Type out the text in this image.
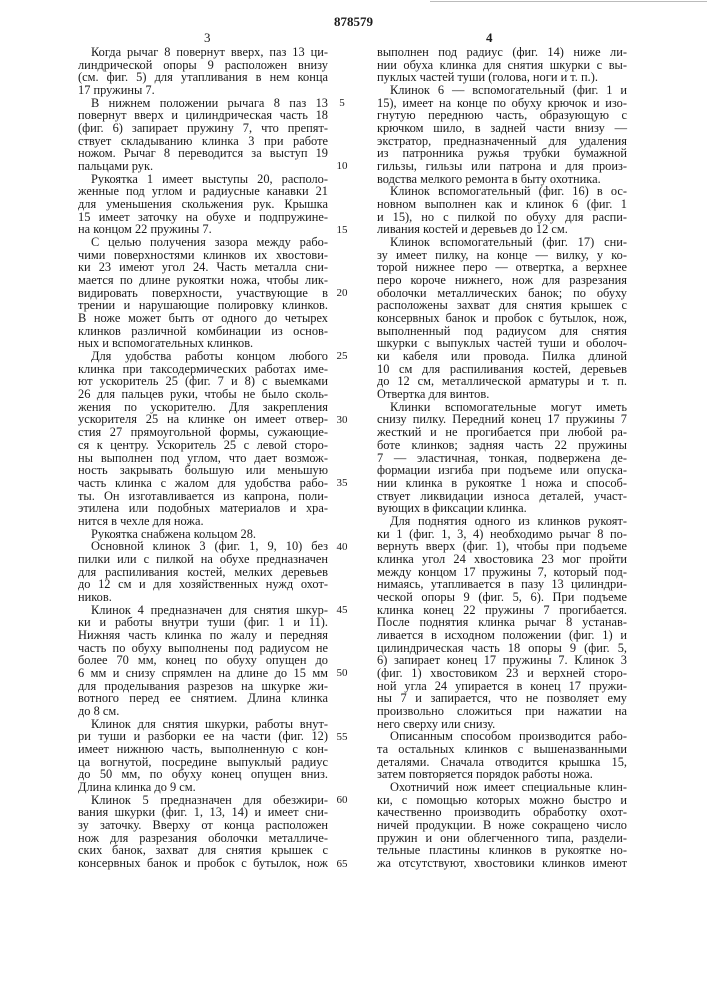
878579
3	4
Когда рычаг 8 повернут вверх, паз 13 ци-
линдрической опоры 9 расположен внизу
(см. фиг. 5) для утапливания в нем конца
17 пружины 7.
В нижнем положении рычага 8 паз 13
повернут вверх и цилиндрическая часть 18
(фиг. 6) запирает пружину 7, что препят-
ствует складыванию клинка 3 при работе
ножом. Рычаг 8 переводится за выступ 19
пальцами рук.
Рукоятка 1 имеет выступы 20, располо-
женные под углом и радиусные канавки 21
для уменьшения скольжения рук. Крышка
15 имеет заточку на обухе и подпружине-
на концом 22 пружины 7.
С целью получения зазора между рабо-
чими поверхностями клинков их хвостови-
ки 23 имеют угол 24. Часть металла сни-
мается по длине рукоятки ножа, чтобы лик-
видировать поверхности, участвующие в
трении и нарушающие полировку клинков.
В ноже может быть от одного до четырех
клинков различной комбинации из основ-
ных и вспомогательных клинков.
Для удобства работы концом любого
клинка при таксодермических работах име-
ют ускоритель 25 (фиг. 7 и 8) с выемками
26 для пальцев руки, чтобы не было сколь-
жения по ускорителю. Для закрепления
ускорителя 25 на клинке он имеет отвер-
стия 27 прямоугольной формы, сужающие-
ся к центру. Ускоритель 25 с левой сторо-
ны выполнен под углом, что дает возмож-
ность закрывать большую или меньшую
часть клинка с жалом для удобства рабо-
ты. Он изготавливается из капрона, поли-
этилена или подобных материалов и хра-
нится в чехле для ножа.
Рукоятка снабжена кольцом 28.
Основной клинок 3 (фиг. 1, 9, 10) без
пилки или с пилкой на обухе предназначен
для распиливания костей, мелких деревьев
до 12 см и для хозяйственных нужд охот-
ников.
Клинок 4 предназначен для снятия шкур-
ки и работы внутри туши (фиг. 1 и 11).
Нижняя часть клинка по жалу и передняя
часть по обуху выполнены под радиусом не
более 70 мм, конец по обуху опущен до
6 мм и снизу спрямлен на длине до 15 мм
для проделывания разрезов на шкурке жи-
вотного перед ее снятием. Длина клинка
до 8 см.
Клинок для снятия шкурки, работы внут-
ри туши и разборки ее на части (фиг. 12)
имеет нижнюю часть, выполненную с кон-
ца вогнутой, посредине выпуклый радиус
до 50 мм, по обуху конец опущен вниз.
Длина клинка до 9 см.
Клинок 5 предназначен для обезжири-
вания шкурки (фиг. 1, 13, 14) и имеет сни-
зу заточку. Вверху от конца расположен
нож для разрезания оболочки металличе-
ских банок, захват для снятия крышек с
консервных банок и пробок с бутылок, нож
5
10
15
20
25
30
35
40
45
50
55
60
65
выполнен под радиус (фиг. 14) ниже ли-
нии обуха клинка для снятия шкурки с вы-
пуклых частей туши (голова, ноги и т. п.).
Клинок 6 — вспомогательный (фиг. 1 и
15), имеет на конце по обуху крючок и изо-
гнутую переднюю часть, образующую с
крючком шило, в задней части внизу —
экстратор, предназначенный для удаления
из патронника ружья трубки бумажной
гильзы, гильзы или патрона и для произ-
водства мелкого ремонта в быту охотника.
Клинок вспомогательный (фиг. 16) в ос-
новном выполнен как и клинок 6 (фиг. 1
и 15), но с пилкой по обуху для распи-
ливания костей и деревьев до 12 см.
Клинок вспомогательный (фиг. 17) сни-
зу имеет пилку, на конце — вилку, у ко-
торой нижнее перо — отвертка, а верхнее
перо короче нижнего, нож для разрезания
оболочки металлических банок; по обуху
расположены захват для снятия крышек с
консервных банок и пробок с бутылок, нож,
выполненный под радиусом для снятия
шкурки с выпуклых частей туши и оболоч-
ки кабеля или провода. Пилка длиной
10 см для распиливания костей, деревьев
до 12 см, металлической арматуры и т. п.
Отвертка для винтов.
Клинки вспомогательные могут иметь
снизу пилку. Передний конец 17 пружины 7
жесткий и не прогибается при любой ра-
боте клинков; задняя часть 22 пружины
7 — эластичная, тонкая, подвержена де-
формации изгиба при подъеме или опуска-
нии клинка в рукоятке 1 ножа и способ-
ствует ликвидации износа деталей, участ-
вующих в фиксации клинка.
Для поднятия одного из клинков рукоят-
ки 1 (фиг. 1, 3, 4) необходимо рычаг 8 по-
вернуть вверх (фиг. 1), чтобы при подъеме
клинка угол 24 хвостовика 23 мог пройти
между концом 17 пружины 7, который под-
нимаясь, утапливается в пазу 13 цилиндри-
ческой опоры 9 (фиг. 5, 6). При подъеме
клинка конец 22 пружины 7 прогибается.
После поднятия клинка рычаг 8 устанав-
ливается в исходном положении (фиг. 1) и
цилиндрическая часть 18 опоры 9 (фиг. 5,
6) запирает конец 17 пружины 7. Клинок 3
(фиг. 1) хвостовиком 23 и верхней сторо-
ной угла 24 упирается в конец 17 пружи-
ны 7 и запирается, что не позволяет ему
произвольно сложиться при нажатии на
него сверху или снизу.
Описанным способом производится рабо-
та остальных клинков с вышеназванными
деталями. Сначала отводится крышка 15,
затем повторяется порядок работы ножа.
Охотничий нож имеет специальные клин-
ки, с помощью которых можно быстро и
качественно производить обработку охот-
ничей продукции. В ноже сокращено число
пружин и они облегченного типа, раздели-
тельные пластины клинков в рукоятке но-
жа отсутствуют, хвостовики клинков имеют
